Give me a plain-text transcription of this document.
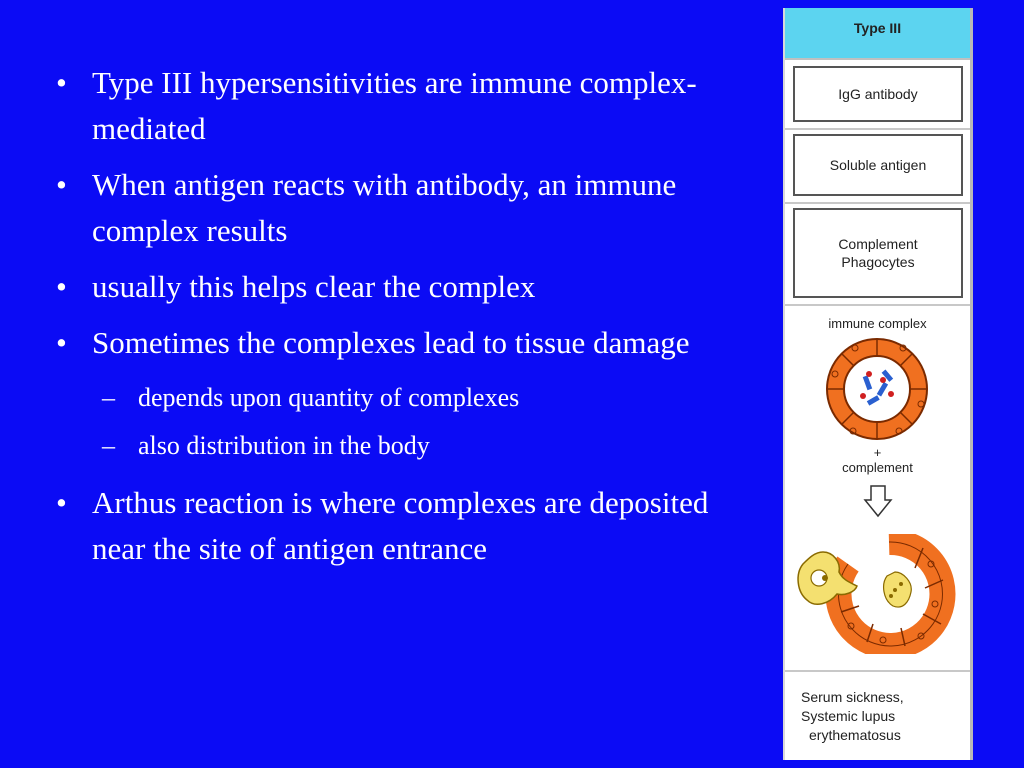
• Type III hypersensitivities are immune complex-mediated
• When antigen reacts with antibody, an immune complex results
• usually this helps clear the complex
• Sometimes the complexes lead to tissue damage
– depends upon quantity of complexes
– also distribution in the body
• Arthus reaction is where complexes are deposited near the site of antigen entrance
Type III
IgG antibody
Soluble antigen
Complement
Phagocytes
immune complex
+
complement
Serum sickness,
Systemic lupus
erythematosus
